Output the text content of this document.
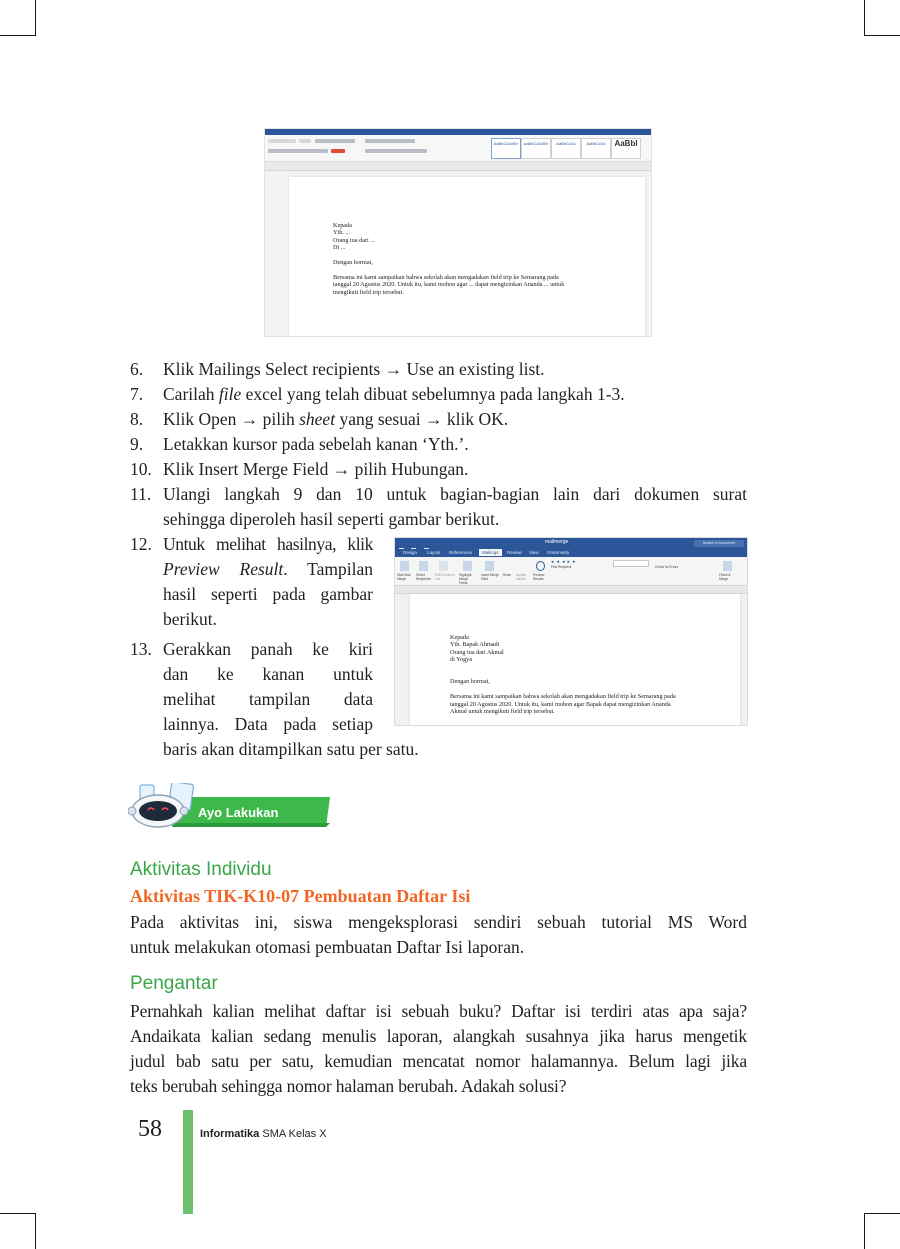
AaBbCcDdEe	AaBbCcDdEe	AaBbCcDc	AaBbCcDc	AaBbI
Kepada
Yth. ...
Orang tua dari ...
Di ...
Dengan hormat,
Bersama ini kami sampaikan bahwa sekolah akan mengadakan field trip ke Semarang pada
tanggal 20 Agustus 2020. Untuk itu, kami mohon agar ... dapat mengizinkan Ananda ... untuk
mengikuti field trip tersebut.
6.	Klik Mailings Select recipients → Use an existing list.
7.	Carilah file excel yang telah dibuat sebelumnya pada langkah 1-3.
8.	Klik Open → pilih sheet yang sesuai → klik OK.
9.	Letakkan kursor pada sebelah kanan ‘Yth.’.
10. Klik Insert Merge Field → pilih Hubungan.
11. Ulangi langkah 9 dan 10 untuk bagian-bagian lain dari dokumen surat
sehingga diperoleh hasil seperti gambar berikut.
12. Untuk melihat hasilnya, klik
Preview Result. Tampilan
hasil seperti pada gambar
berikut.
13. Gerakkan panah ke kiri
dan ke kanan untuk
melihat tampilan data
lainnya. Data pada setiap
baris akan ditampilkan satu per satu.

mailmerge	Search in Document
Design Layout References	Mailings	Review View Grammarly
Start Mail Merge
Select Recipients
Edit Recipient List
Highlight Merge Fields
Insert Merge Field
Rules	Update Labels
Preview Results
Find Recipient
◂◂◂▸▸
Check for Errors
Finish & Merge
Kepada
Yth. Bapak Ahmadi
Orang tua dari Akmal
di Yogya
Dengan hormat,
Bersama ini kami sampaikan bahwa sekolah akan mengadakan field trip ke Semarang pada
tanggal 20 Agustus 2020. Untuk itu, kami mohon agar Bapak dapat mengizinkan Ananda
Akmal untuk mengikuti field trip tersebut.
Ayo Lakukan
Aktivitas Individu
Aktivitas TIK-K10-07 Pembuatan Daftar Isi
Pada aktivitas ini, siswa mengeksplorasi sendiri sebuah tutorial MS Word
untuk melakukan otomasi pembuatan Daftar Isi laporan.
Pengantar
Pernahkah kalian melihat daftar isi sebuah buku? Daftar isi terdiri atas apa saja?
Andaikata kalian sedang menulis laporan, alangkah susahnya jika harus mengetik
judul bab satu per satu, kemudian mencatat nomor halamannya. Belum lagi jika
teks berubah sehingga nomor halaman berubah. Adakah solusi?
58	Informatika SMA Kelas X
